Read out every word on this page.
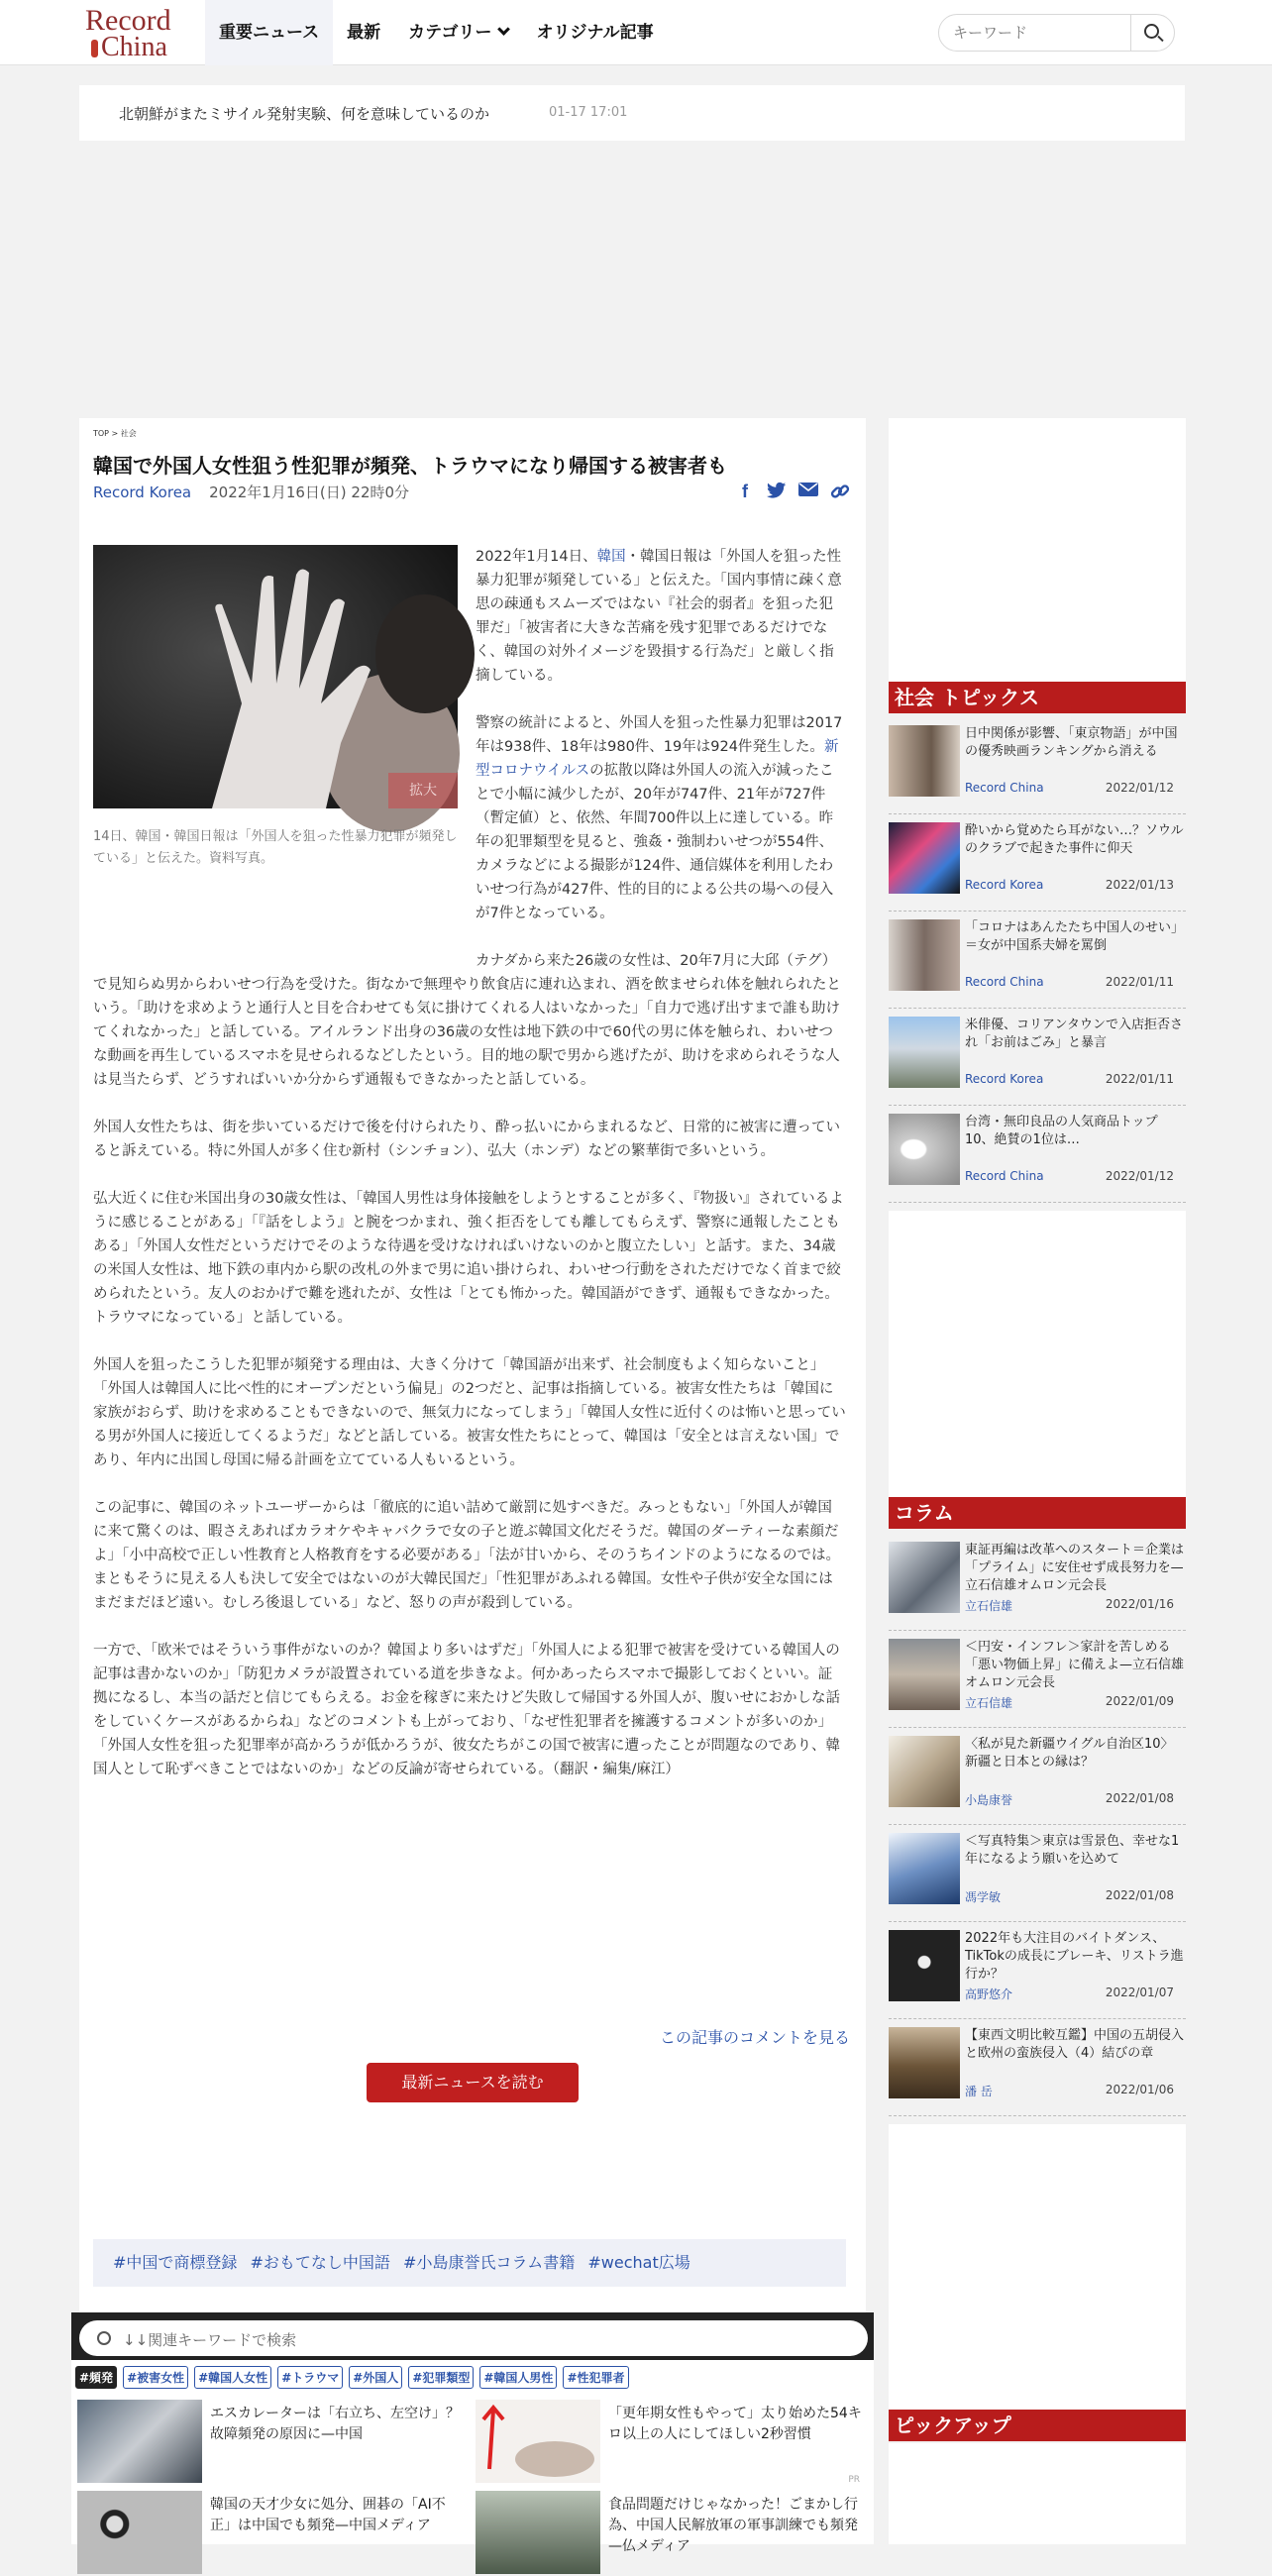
Record
China	重要ニュース	最新	カテゴリー	オリジナル記事
キーワード
北朝鮮がまたミサイル発射実験、何を意味しているのか	01-17 17:01
TOP > 社会
韓国で外国人女性狙う性犯罪が頻発、トラウマになり帰国する被害者も
Record Korea 2022年1月16日(日) 22時0分	f

2022年1月14日、韓国・韓国日報は「外国人を狙った性暴力犯罪が頻発している」と伝えた。「国内事情に疎く意思の疎通もスムーズではない『社会的弱者』を狙った犯罪だ」「被害者に大きな苦痛を残す犯罪であるだけでなく、韓国の対外イメージを毀損する行為だ」と厳しく指摘している。

警察の統計によると、外国人を狙った性暴力犯罪は2017年は938件、18年は980件、19年は924件発生した。新型コロナウイルスの拡散以降は外国人の流入が減ったことで小幅に減少したが、20年が747件、21年が727件（暫定値）と、依然、年間700件以上に達している。昨年の犯罪類型を見ると、強姦・強制わいせつが554件、カメラなどによる撮影が124件、通信媒体を利用したわいせつ行為が427件、性的目的による公共の場への侵入が7件となっている。

カナダから来た26歳の女性は、20年7月に大邱（テグ）で見知らぬ男からわいせつ行為を受けた。街なかで無理やり飲食店に連れ込まれ、酒を飲ませられ体を触れられたという。「助けを求めようと通行人と目を合わせても気に掛けてくれる人はいなかった」「自力で逃げ出すまで誰も助けてくれなかった」と話している。アイルランド出身の36歳の女性は地下鉄の中で60代の男に体を触られ、わいせつな動画を再生しているスマホを見せられるなどしたという。目的地の駅で男から逃げたが、助けを求められそうな人は見当たらず、どうすればいいか分からず通報もできなかったと話している。

外国人女性たちは、街を歩いているだけで後を付けられたり、酔っ払いにからまれるなど、日常的に被害に遭っていると訴えている。特に外国人が多く住む新村（シンチョン）、弘大（ホンデ）などの繁華街で多いという。

弘大近くに住む米国出身の30歳女性は、「韓国人男性は身体接触をしようとすることが多く、『物扱い』されているように感じることがある」「『話をしよう』と腕をつかまれ、強く拒否をしても離してもらえず、警察に通報したこともある」「外国人女性だというだけでそのような待遇を受けなければいけないのかと腹立たしい」と話す。また、34歳の米国人女性は、地下鉄の車内から駅の改札の外まで男に追い掛けられ、わいせつ行動をされただけでなく首まで絞められたという。友人のおかげで難を逃れたが、女性は「とても怖かった。韓国語ができず、通報もできなかった。トラウマになっている」と話している。

外国人を狙ったこうした犯罪が頻発する理由は、大きく分けて「韓国語が出来ず、社会制度もよく知らないこと」「外国人は韓国人に比べ性的にオープンだという偏見」の2つだと、記事は指摘している。被害女性たちは「韓国に家族がおらず、助けを求めることもできないので、無気力になってしまう」「韓国人女性に近付くのは怖いと思っている男が外国人に接近してくるようだ」などと話している。被害女性たちにとって、韓国は「安全とは言えない国」であり、年内に出国し母国に帰る計画を立てている人もいるという。

この記事に、韓国のネットユーザーからは「徹底的に追い詰めて厳罰に処すべきだ。みっともない」「外国人が韓国に来て驚くのは、暇さえあればカラオケやキャバクラで女の子と遊ぶ韓国文化だそうだ。韓国のダーティーな素顔だよ」「小中高校で正しい性教育と人格教育をする必要がある」「法が甘いから、そのうちインドのようになるのでは。まともそうに見える人も決して安全ではないのが大韓民国だ」「性犯罪があふれる韓国。女性や子供が安全な国にはまだまだほど遠い。むしろ後退している」など、怒りの声が殺到している。

一方で、「欧米ではそういう事件がないのか？韓国より多いはずだ」「外国人による犯罪で被害を受けている韓国人の記事は書かないのか」「防犯カメラが設置されている道を歩きなよ。何かあったらスマホで撮影しておくといい。証拠になるし、本当の話だと信じてもらえる。お金を稼ぎに来たけど失敗して帰国する外国人が、腹いせにおかしな話をしていくケースがあるからね」などのコメントも上がっており、「なぜ性犯罪者を擁護するコメントが多いのか」「外国人女性を狙った犯罪率が高かろうが低かろうが、彼女たちがこの国で被害に遭ったことが問題なのであり、韓国人として恥ずべきことではないのか」などの反論が寄せられている。（翻訳・編集/麻江）

拡大
14日、韓国・韓国日報は「外国人を狙った性暴力犯罪が頻発している」と伝えた。資料写真。
この記事のコメントを見る
最新ニュースを読む
#中国で商標登録 #おもてなし中国語 #小島康誉氏コラム書籍 #wechat広場
↓↓関連キーワードで検索
#頻発	#被害女性	#韓国人女性	#トラウマ	#外国人	#犯罪類型	#韓国人男性	#性犯罪者
エスカレーターは「右立ち、左空け」？故障頻発の原因に—中国
「更年期女性もやって」太り始めた54キロ以上の人にしてほしい2秒習慣
PR
韓国の天才少女に処分、囲碁の「AI不正」は中国でも頻発—中国メディア
食品問題だけじゃなかった！ごまかし行為、中国人民解放軍の軍事訓練でも頻発—仏メディア
社会 トピックス
日中関係が影響、「東京物語」が中国の優秀映画ランキングから消える
Record China	2022/01/12
酔いから覚めたら耳がない…？ソウルのクラブで起きた事件に仰天
Record Korea	2022/01/13
「コロナはあんたたち中国人のせい」＝女が中国系夫婦を罵倒
Record China	2022/01/11
米俳優、コリアンタウンで入店拒否され「お前はごみ」と暴言
Record Korea	2022/01/11
台湾・無印良品の人気商品トップ10、絶賛の1位は…
Record China	2022/01/12
コラム
東証再編は改革へのスタート＝企業は「プライム」に安住せず成長努力を—立石信雄オムロン元会長
立石信雄	2022/01/16
＜円安・インフレ＞家計を苦しめる「悪い物価上昇」に備えよ—立石信雄オムロン元会長
立石信雄	2022/01/09
〈私が見た新疆ウイグル自治区10〉新疆と日本との縁は？
小島康誉	2022/01/08
＜写真特集＞東京は雪景色、幸せな1年になるよう願いを込めて
馮学敏	2022/01/08
2022年も大注目のバイトダンス、TikTokの成長にブレーキ、リストラ進行か？
高野悠介	2022/01/07
【東西文明比較互鑑】中国の五胡侵入と欧州の蛮族侵入（4）結びの章
潘 岳	2022/01/06
ピックアップ
